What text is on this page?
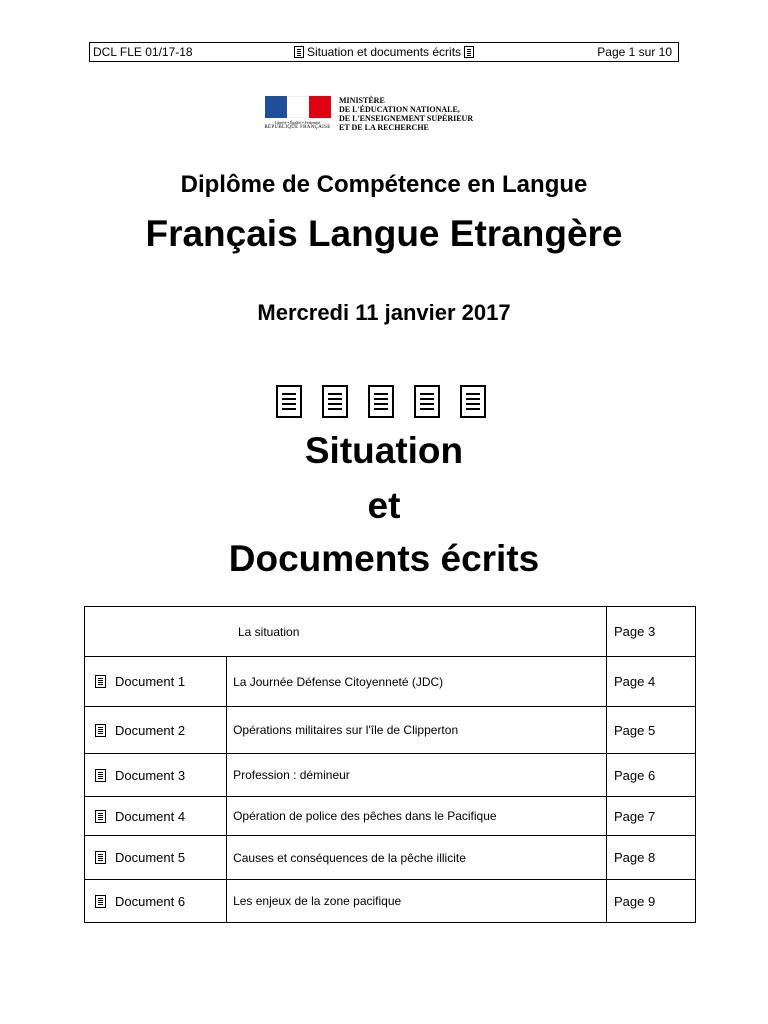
DCL FLE 01/17-18	Situation et documents écrits	Page 1 sur 10
Liberté • Égalité • Fraternité
RÉPUBLIQUE FRANÇAISE
MINISTÈRE
DE L'ÉDUCATION NATIONALE,
DE L'ENSEIGNEMENT SUPÉRIEUR
ET DE LA RECHERCHE
Diplôme de Compétence en Langue
Français Langue Etrangère
Mercredi 11 janvier 2017
Situation
et
Documents écrits
La situation		Page 3

Document 1	La Journée Défense Citoyenneté (JDC)	Page 4

Document 2	Opérations militaires sur l'île de Clipperton	Page 5

Document 3	Profession : démineur	Page 6

Document 4	Opération de police des pêches dans le Pacifique	Page 7

Document 5	Causes et conséquences de la pêche illicite	Page 8

Document 6	Les enjeux de la zone pacifique	Page 9
